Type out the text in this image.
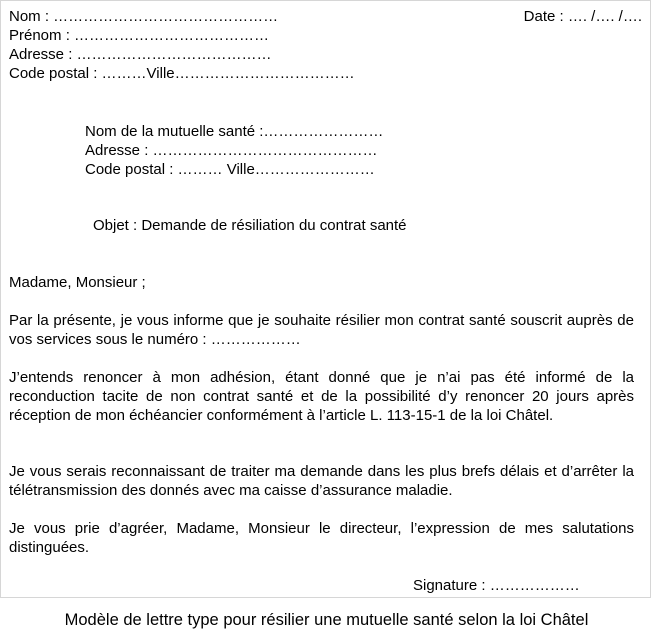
Nom : ………………………………………
Prénom : …………………………………
Adresse : …………………………………
Code postal : ………Ville………………………………
Date : …. /…. /….
Nom de la mutuelle santé :……………………
Adresse : ………………………………………
Code postal : ……… Ville……………………
Objet : Demande de résiliation du contrat santé
Madame, Monsieur ;
Par la présente, je vous informe que je souhaite résilier mon contrat santé souscrit auprès de vos services sous le numéro : ………………
J’entends renoncer à mon adhésion, étant donné que je n’ai pas été informé de la reconduction tacite de non contrat santé et de la possibilité d’y renoncer 20 jours après réception de mon échéancier conformément à l’article L. 113-15-1 de la loi Châtel.
Je vous serais reconnaissant de traiter ma demande dans les plus brefs délais et d’arrêter la télétransmission des donnés avec ma caisse d’assurance maladie.
Je vous prie d’agréer, Madame, Monsieur le directeur, l’expression de mes salutations distinguées.
Signature : ………………
Modèle de lettre type pour résilier une mutuelle santé selon la loi Châtel
